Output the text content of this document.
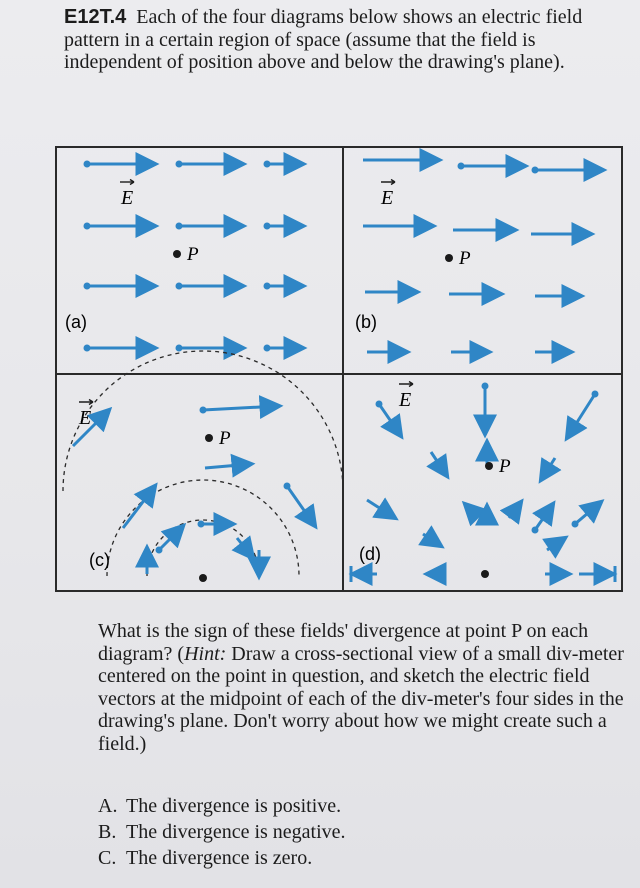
E12T.4 Each of the four diagrams below shows an electric field pattern in a certain region of space (assume that the field is independent of position above and below the drawing's plane).

E
P
(a)
E
P
(b)
E
P
(c)
E
P
(d)

What is the sign of these fields' divergence at point P on each diagram? (Hint: Draw a cross-sectional view of a small div-meter centered on the point in question, and sketch the electric field vectors at the midpoint of each of the div-meter's four sides in the drawing's plane. Don't worry about how we might create such a field.)

A. The divergence is positive.
B. The divergence is negative.
C. The divergence is zero.
